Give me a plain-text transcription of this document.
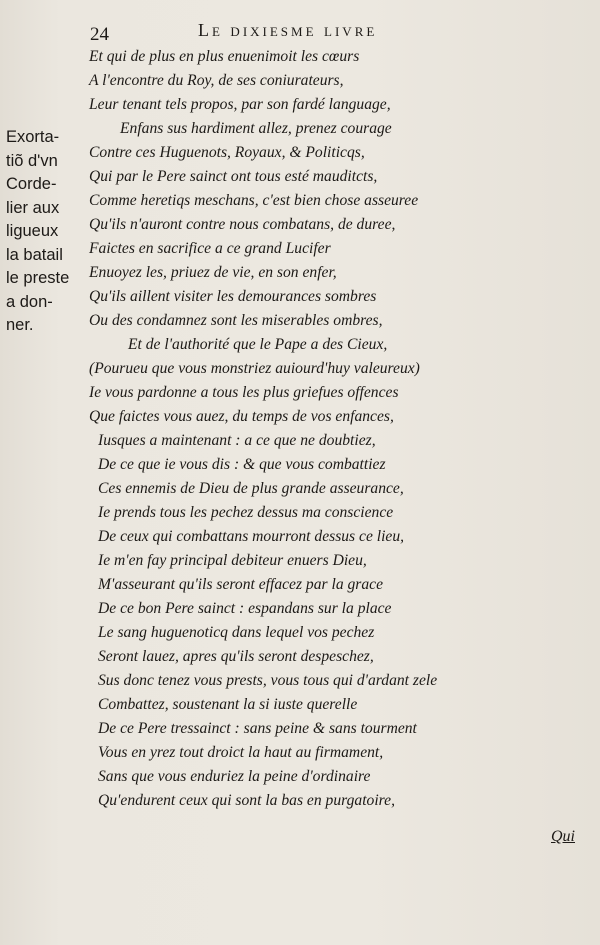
24	Le dixiesme livre
Exorta-
tiõ d'vn
Corde-
lier aux
ligueux
la batail
le preste
a don-
ner.
Et qui de plus en plus enuenimoit les cœurs
A l'encontre du Roy, de ses coniurateurs,
Leur tenant tels propos, par son fardé language,
Enfans sus hardiment allez, prenez courage
Contre ces Huguenots, Royaux, & Politicqs,
Qui par le Pere sainct ont tous esté mauditcts,
Comme heretiqs meschans, c'est bien chose asseuree
Qu'ils n'auront contre nous combatans, de duree,
Faictes en sacrifice a ce grand Lucifer
Enuoyez les, priuez de vie, en son enfer,
Qu'ils aillent visiter les demourances sombres
Ou des condamnez sont les miserables ombres,
Et de l'authorité que le Pape a des Cieux,
(Pourueu que vous monstriez auiourd'huy valeureux)
Ie vous pardonne a tous les plus griefues offences
Que faictes vous auez, du temps de vos enfances,
Iusques a maintenant : a ce que ne doubtiez,
De ce que ie vous dis : & que vous combattiez
Ces ennemis de Dieu de plus grande asseurance,
Ie prends tous les pechez dessus ma conscience
De ceux qui combattans mourront dessus ce lieu,
Ie m'en fay principal debiteur enuers Dieu,
M'asseurant qu'ils seront effacez par la grace
De ce bon Pere sainct : espandans sur la place
Le sang huguenoticq dans lequel vos pechez
Seront lauez, apres qu'ils seront despeschez,
Sus donc tenez vous prests, vous tous qui d'ardant zele
Combattez, soustenant la si iuste querelle
De ce Pere tressainct : sans peine & sans tourment
Vous en yrez tout droict la haut au firmament,
Sans que vous enduriez la peine d'ordinaire
Qu'endurent ceux qui sont la bas en purgatoire,
Qui
